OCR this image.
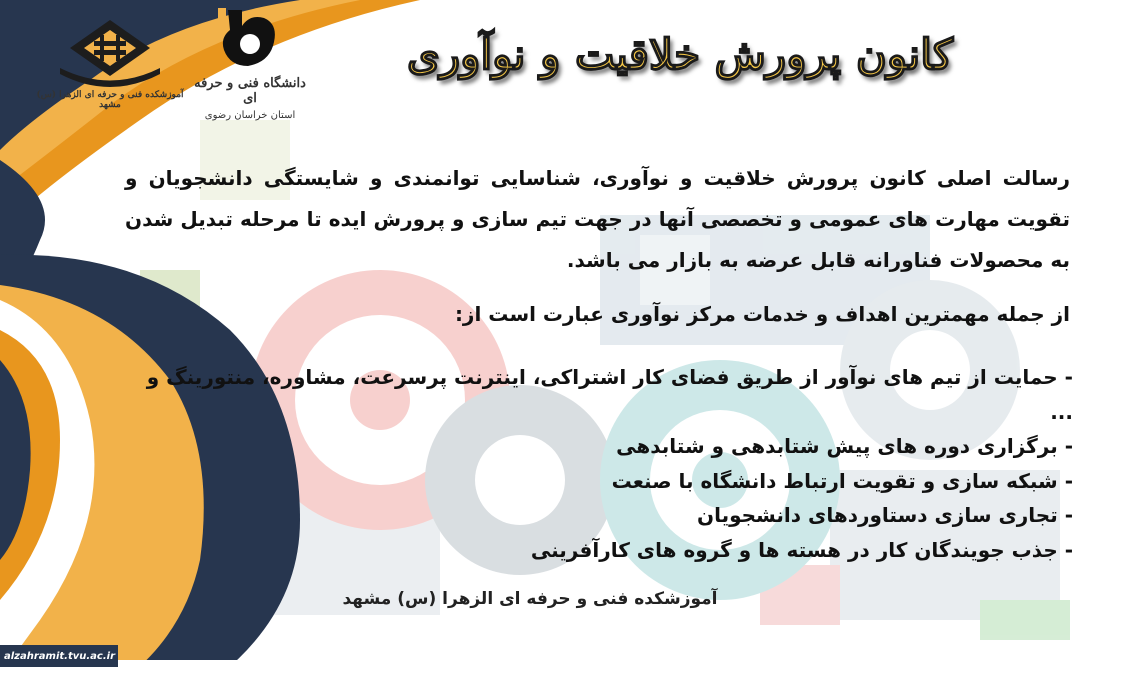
آموزشکده فنی و حرفه ای الزهرا (س) مشهد
دانشگاه فنی و حرفه ای
استان خراسان رضوی
کانون پرورش خلاقیت و نوآوری
رسالت اصلی کانون پرورش خلاقیت و نوآوری، شناسایی توانمندی و شایستگی دانشجویان و تقویت مهارت های عمومی و تخصصی آنها در جهت تیم سازی و پرورش ایده تا مرحله تبدیل شدن به محصولات فناورانه قابل عرضه به بازار می باشد.
از جمله مهمترین اهداف و خدمات مرکز نوآوری عبارت است از:
- حمایت از تیم های نوآور از طریق فضای کار اشتراکی، اینترنت پرسرعت، مشاوره، منتورینگ و ...
- برگزاری دوره های پیش شتابدهی و شتابدهی
- شبکه سازی و تقویت ارتباط دانشگاه با صنعت
- تجاری سازی دستاوردهای دانشجویان
- جذب جویندگان کار در هسته ها و گروه های کارآفرینی
آموزشکده فنی و حرفه ای الزهرا (س) مشهد
alzahramit.tvu.ac.ir
